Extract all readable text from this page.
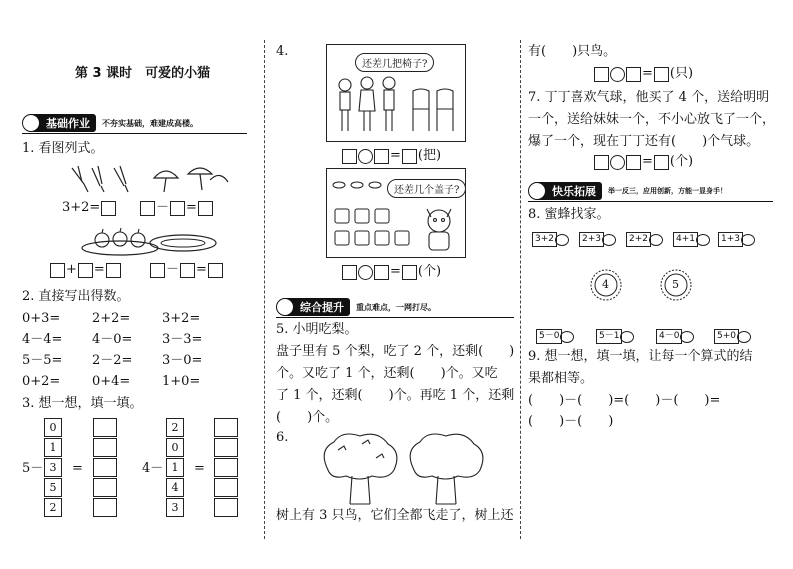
第 3 课时　可爱的小猫
基础作业	不夯实基础，难建成高楼。
1. 看图列式。
3+2=	－ =
+ =	－ =
2. 直接写出得数。
0+3= 2+2= 3+2=
4－4= 4－0= 3－3=
5－5= 2－2= 3－0=
0+2= 0+4= 1+0=
3. 想一想，填一填。
5－
0
1
3
5
2
=	4－
2
0
1
4
3
=
4.
还差几把椅子?
= (把)
还差几个盖子?
= (个)
综合提升	重点难点，一网打尽。
5. 小明吃梨。
盘子里有 5 个梨，吃了 2 个，还剩(　　)
个。又吃了 1 个，还剩(　　)个。又吃
了 1 个，还剩(　　)个。再吃 1 个，还剩
(　　)个。
6.
树上有 3 只鸟，它们全都飞走了，树上还
有(　　)只鸟。
= (只)
7. 丁丁喜欢气球，他买了 4 个，送给明明
一个，送给妹妹一个，不小心放飞了一个，
爆了一个，现在丁丁还有(　　)个气球。
= (个)
快乐拓展	举一反三，应用创新，方能一显身手！
8. 蜜蜂找家。
3+2	2+3	2+2	4+1	1+3
4	5
5－0	5－1	4－0	5+0
9. 想一想，填一填，让每一个算式的结
果都相等。
(　　)－(　　)=(　　)－(　　)=
(　　)－(　　)
